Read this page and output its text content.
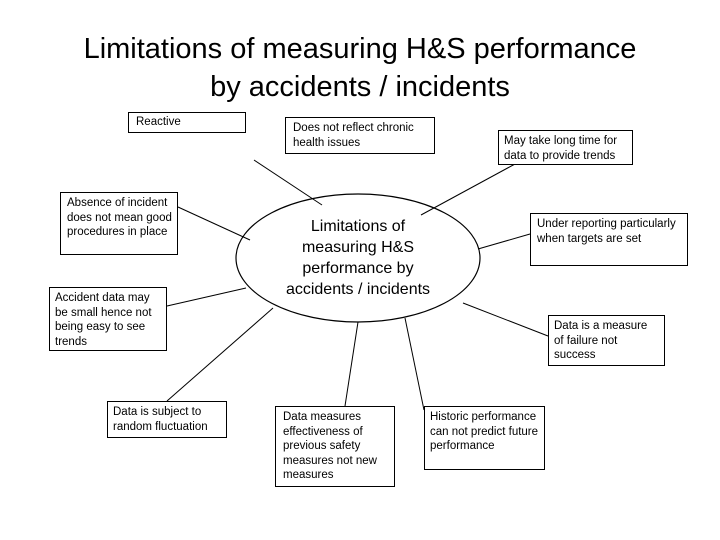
Limitations of measuring H&S performance
by accidents / incidents
Limitations of
measuring H&S
performance by
accidents / incidents
Reactive	Does not reflect chronic health issues	May take long time for data to provide trends
Absence of incident does not mean good procedures in place
Under reporting particularly when targets are set
Accident data may be small hence not being easy to see trends
Data is a measure of failure not success
Data is subject to random fluctuation
Data measures effectiveness of previous safety measures not new measures
Historic performance can not predict future performance
